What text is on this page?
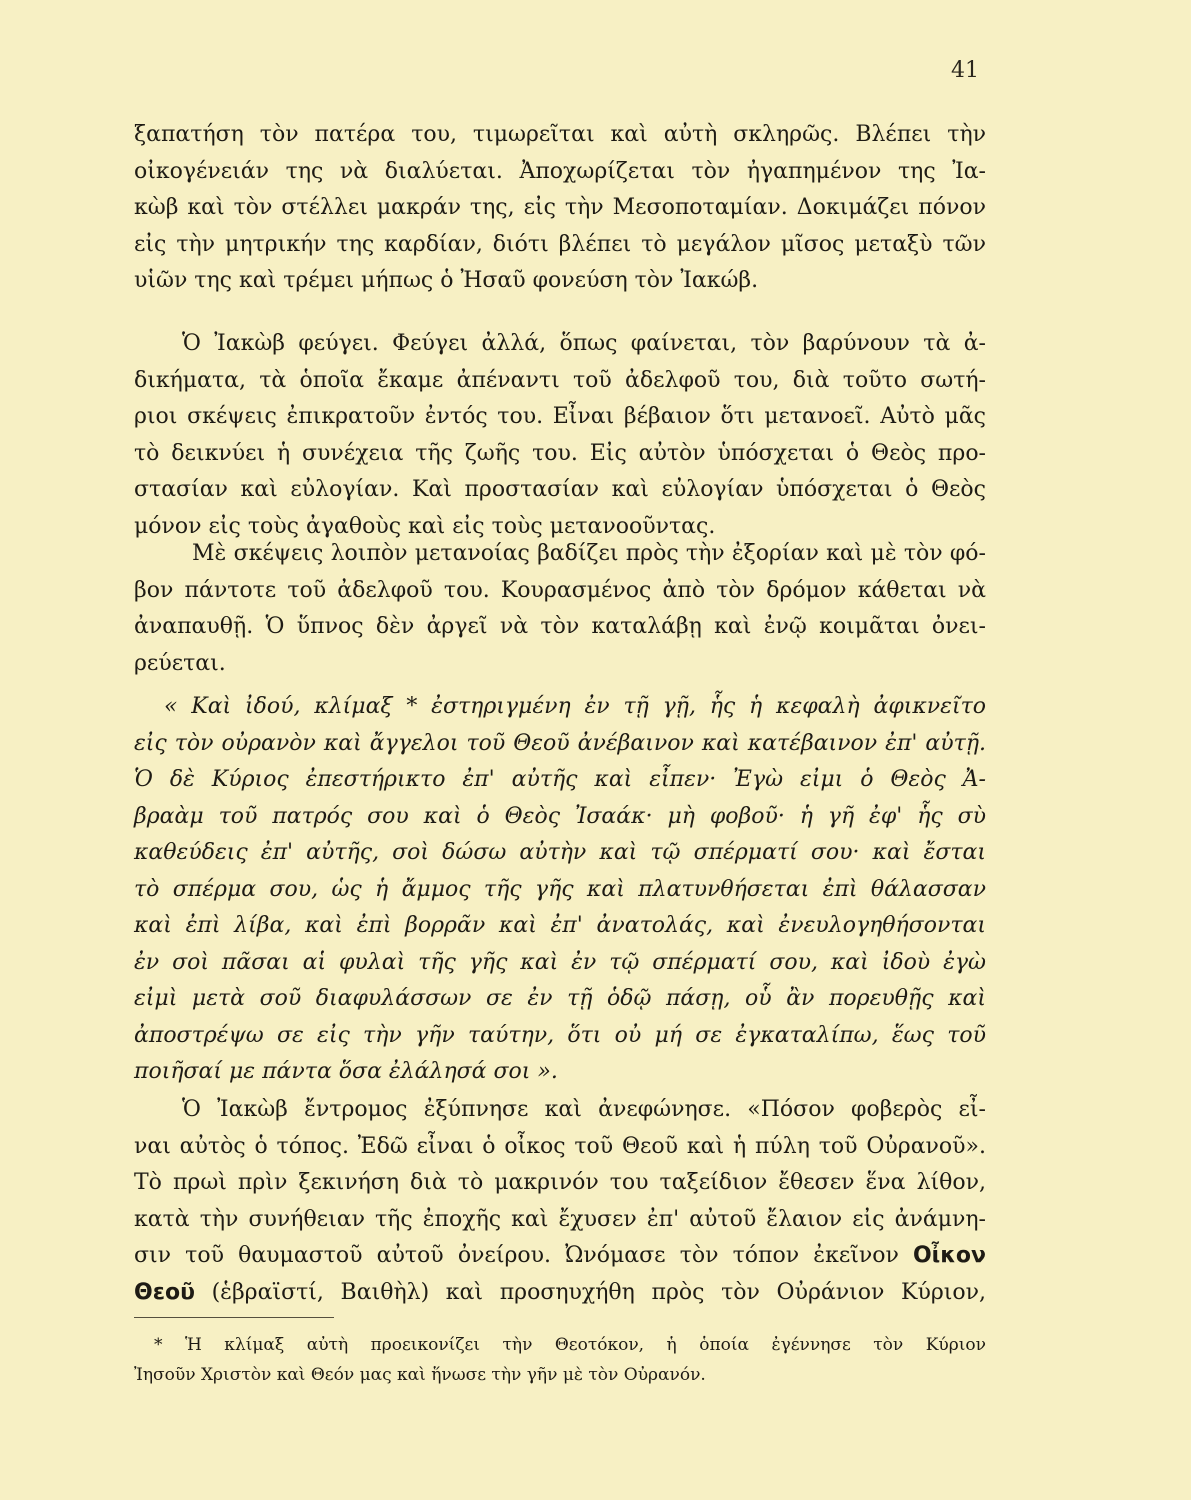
41
ξαπατήση τὸν πατέρα του, τιμωρεῖται καὶ αὐτὴ σκληρῶς. Βλέπει τὴν
οἰκογένειάν της νὰ διαλύεται. Ἀποχωρίζεται τὸν ἠγαπημένον της Ἰα-
κὼβ καὶ τὸν στέλλει μακράν της, εἰς τὴν Μεσοποταμίαν. Δοκιμάζει πόνον
εἰς τὴν μητρικήν της καρδίαν, διότι βλέπει τὸ μεγάλον μῖσος μεταξὺ τῶν
υἱῶν της καὶ τρέμει μήπως ὁ Ἠσαῦ φονεύση τὸν Ἰακώβ.
Ὁ Ἰακὼβ φεύγει. Φεύγει ἀλλά, ὅπως φαίνεται, τὸν βαρύνουν τὰ ἀ-
δικήματα, τὰ ὁποῖα ἔκαμε ἀπέναντι τοῦ ἀδελφοῦ του, διὰ τοῦτο σωτή-
ριοι σκέψεις ἐπικρατοῦν ἐντός του. Εἶναι βέβαιον ὅτι μετανοεῖ. Αὐτὸ μᾶς
τὸ δεικνύει ἡ συνέχεια τῆς ζωῆς του. Εἰς αὐτὸν ὑπόσχεται ὁ Θεὸς προ-
στασίαν καὶ εὐλογίαν. Καὶ προστασίαν καὶ εὐλογίαν ὑπόσχεται ὁ Θεὸς
μόνον εἰς τοὺς ἀγαθοὺς καὶ εἰς τοὺς μετανοοῦντας.
Μὲ σκέψεις λοιπὸν μετανοίας βαδίζει πρὸς τὴν ἐξορίαν καὶ μὲ τὸν φό-
βον πάντοτε τοῦ ἀδελφοῦ του. Κουρασμένος ἀπὸ τὸν δρόμον κάθεται νὰ
ἀναπαυθῇ. Ὁ ὕπνος δὲν ἀργεῖ νὰ τὸν καταλάβῃ καὶ ἐνῷ κοιμᾶται ὀνει-
ρεύεται.
« Καὶ ἰδού, κλίμαξ * ἐστηριγμένη ἐν τῇ γῇ, ἧς ἡ κεφαλὴ ἀφικνεῖτο
εἰς τὸν οὐρανὸν καὶ ἄγγελοι τοῦ Θεοῦ ἀνέβαινον καὶ κατέβαινον ἐπ' αὐτῇ.
Ὁ δὲ Κύριος ἐπεστήρικτο ἐπ' αὐτῆς καὶ εἶπεν· Ἐγὼ εἰμι ὁ Θεὸς Ἀ-
βραὰμ τοῦ πατρός σου καὶ ὁ Θεὸς Ἰσαάκ· μὴ φοβοῦ· ἡ γῆ ἐφ' ἧς σὺ
καθεύδεις ἐπ' αὐτῆς, σοὶ δώσω αὐτὴν καὶ τῷ σπέρματί σου· καὶ ἔσται
τὸ σπέρμα σου, ὡς ἡ ἄμμος τῆς γῆς καὶ πλατυνθήσεται ἐπὶ θάλασσαν
καὶ ἐπὶ λίβα, καὶ ἐπὶ βορρᾶν καὶ ἐπ' ἀνατολάς, καὶ ἐνευλογηθήσονται
ἐν σοὶ πᾶσαι αἱ φυλαὶ τῆς γῆς καὶ ἐν τῷ σπέρματί σου, καὶ ἰδοὺ ἐγὼ
εἰμὶ μετὰ σοῦ διαφυλάσσων σε ἐν τῇ ὁδῷ πάσῃ, οὗ ἂν πορευθῇς καὶ
ἀποστρέψω σε εἰς τὴν γῆν ταύτην, ὅτι οὐ μή σε ἐγκαταλίπω, ἕως τοῦ
ποιῆσαί με πάντα ὅσα ἐλάλησά σοι ».
Ὁ Ἰακὼβ ἔντρομος ἐξύπνησε καὶ ἀνεφώνησε. «Πόσον φοβερὸς εἶ-
ναι αὐτὸς ὁ τόπος. Ἐδῶ εἶναι ὁ οἶκος τοῦ Θεοῦ καὶ ἡ πύλη τοῦ Οὐρανοῦ».
Τὸ πρωὶ πρὶν ξεκινήση διὰ τὸ μακρινόν του ταξείδιον ἔθεσεν ἕνα λίθον,
κατὰ τὴν συνήθειαν τῆς ἐποχῆς καὶ ἔχυσεν ἐπ' αὐτοῦ ἔλαιον εἰς ἀνάμνη-
σιν τοῦ θαυμαστοῦ αὐτοῦ ὀνείρου. Ὠνόμασε τὸν τόπον ἐκεῖνον Οἶκον
Θεοῦ (ἑβραϊστί, Βαιθὴλ) καὶ προσηυχήθη πρὸς τὸν Οὐράνιον Κύριον,
* Ἡ κλίμαξ αὐτὴ προεικονίζει τὴν Θεοτόκον, ἡ ὁποία ἐγέννησε τὸν Κύριον
Ἰησοῦν Χριστὸν καὶ Θεόν μας καὶ ἥνωσε τὴν γῆν μὲ τὸν Οὐρανόν.
